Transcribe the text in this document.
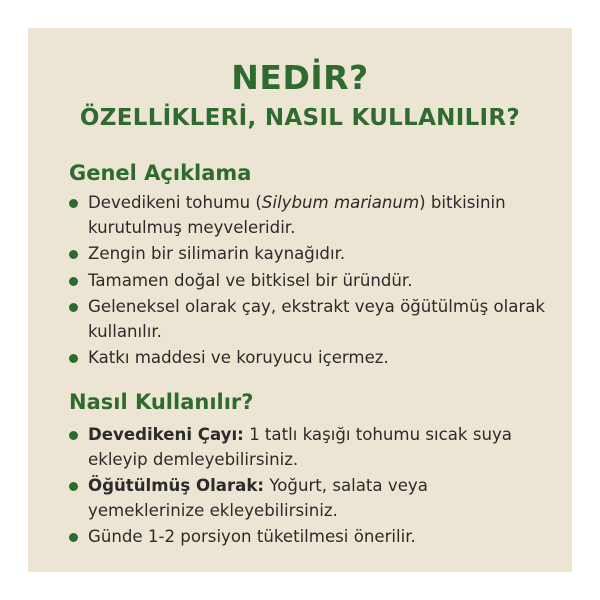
NEDİR?
ÖZELLİKLERİ, NASIL KULLANILIR?
Genel Açıklama
Devedikeni tohumu (Silybum marianum) bitkisinin kurutulmuş meyveleridir.
Zengin bir silimarin kaynağıdır.
Tamamen doğal ve bitkisel bir üründür.
Geleneksel olarak çay, ekstrakt veya öğütülmüş olarak kullanılır.
Katkı maddesi ve koruyucu içermez.
Nasıl Kullanılır?
Devedikeni Çayı: 1 tatlı kaşığı tohumu sıcak suya ekleyip demleyebilirsiniz.
Öğütülmüş Olarak: Yoğurt, salata veya yemeklerinize ekleyebilirsiniz.
Günde 1-2 porsiyon tüketilmesi önerilir.
